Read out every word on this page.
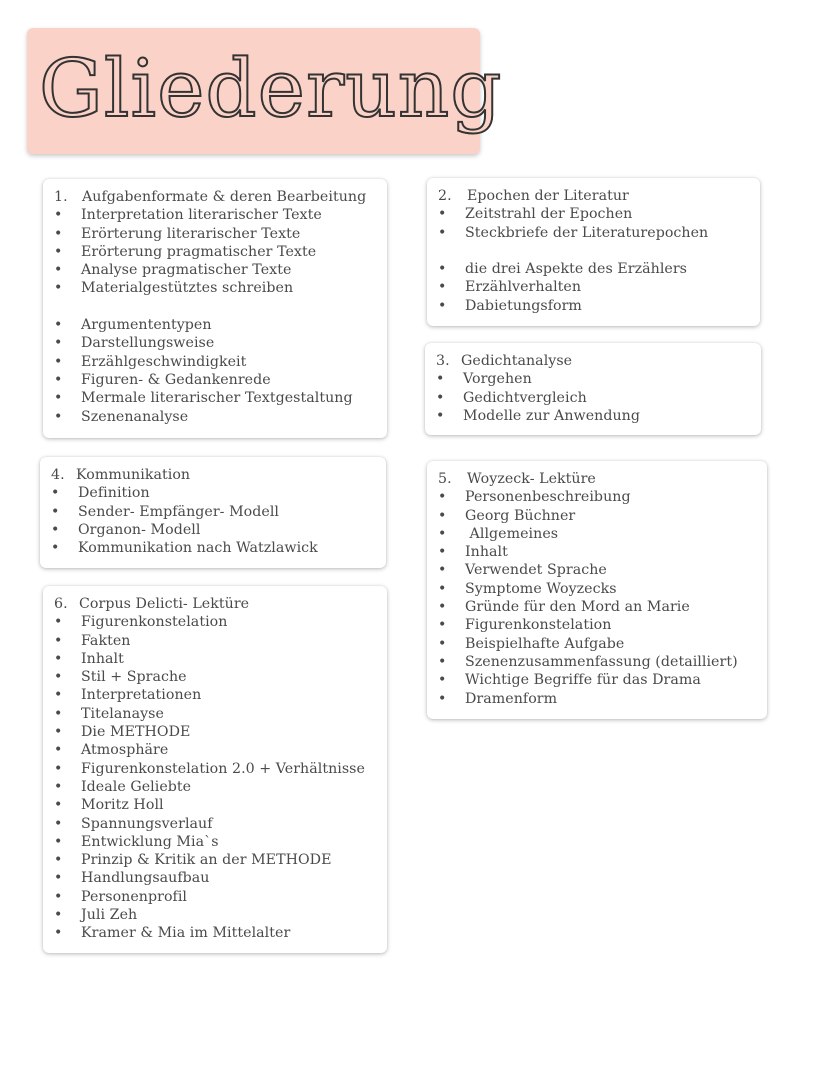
Gliederung
1.	Aufgabenformate & deren Bearbeitung
•	Interpretation literarischer Texte
•	Erörterung literarischer Texte
•	Erörterung pragmatischer Texte
•	Analyse pragmatischer Texte
•	Materialgestütztes schreiben
•	Argumententypen
•	Darstellungsweise
•	Erzählgeschwindigkeit
•	Figuren- & Gedankenrede
•	Mermale literarischer Textgestaltung
•	Szenenanalyse
2.	Epochen der Literatur
•	Zeitstrahl der Epochen
•	Steckbriefe der Literaturepochen
•	die drei Aspekte des Erzählers
•	Erzählverhalten
•	Dabietungsform
3. Gedichtanalyse
•	Vorgehen
•	Gedichtvergleich
•	Modelle zur Anwendung
4. Kommunikation
•	Definition
•	Sender- Empfänger- Modell
•	Organon- Modell
•	Kommunikation nach Watzlawick
5.	Woyzeck- Lektüre
•	Personenbeschreibung
•	Georg Büchner
•	Allgemeines
•	Inhalt
•	Verwendet Sprache
•	Symptome Woyzecks
•	Gründe für den Mord an Marie
•	Figurenkonstelation
•	Beispielhafte Aufgabe
•	Szenenzusammenfassung (detailliert)
•	Wichtige Begriffe für das Drama
•	Dramenform
6. Corpus Delicti- Lektüre
•	Figurenkonstelation
•	Fakten
•	Inhalt
•	Stil + Sprache
•	Interpretationen
•	Titelanayse
•	Die METHODE
•	Atmosphäre
•	Figurenkonstelation 2.0 + Verhältnisse
•	Ideale Geliebte
•	Moritz Holl
•	Spannungsverlauf
•	Entwicklung Mia`s
•	Prinzip & Kritik an der METHODE
•	Handlungsaufbau
•	Personenprofil
•	Juli Zeh
•	Kramer & Mia im Mittelalter
